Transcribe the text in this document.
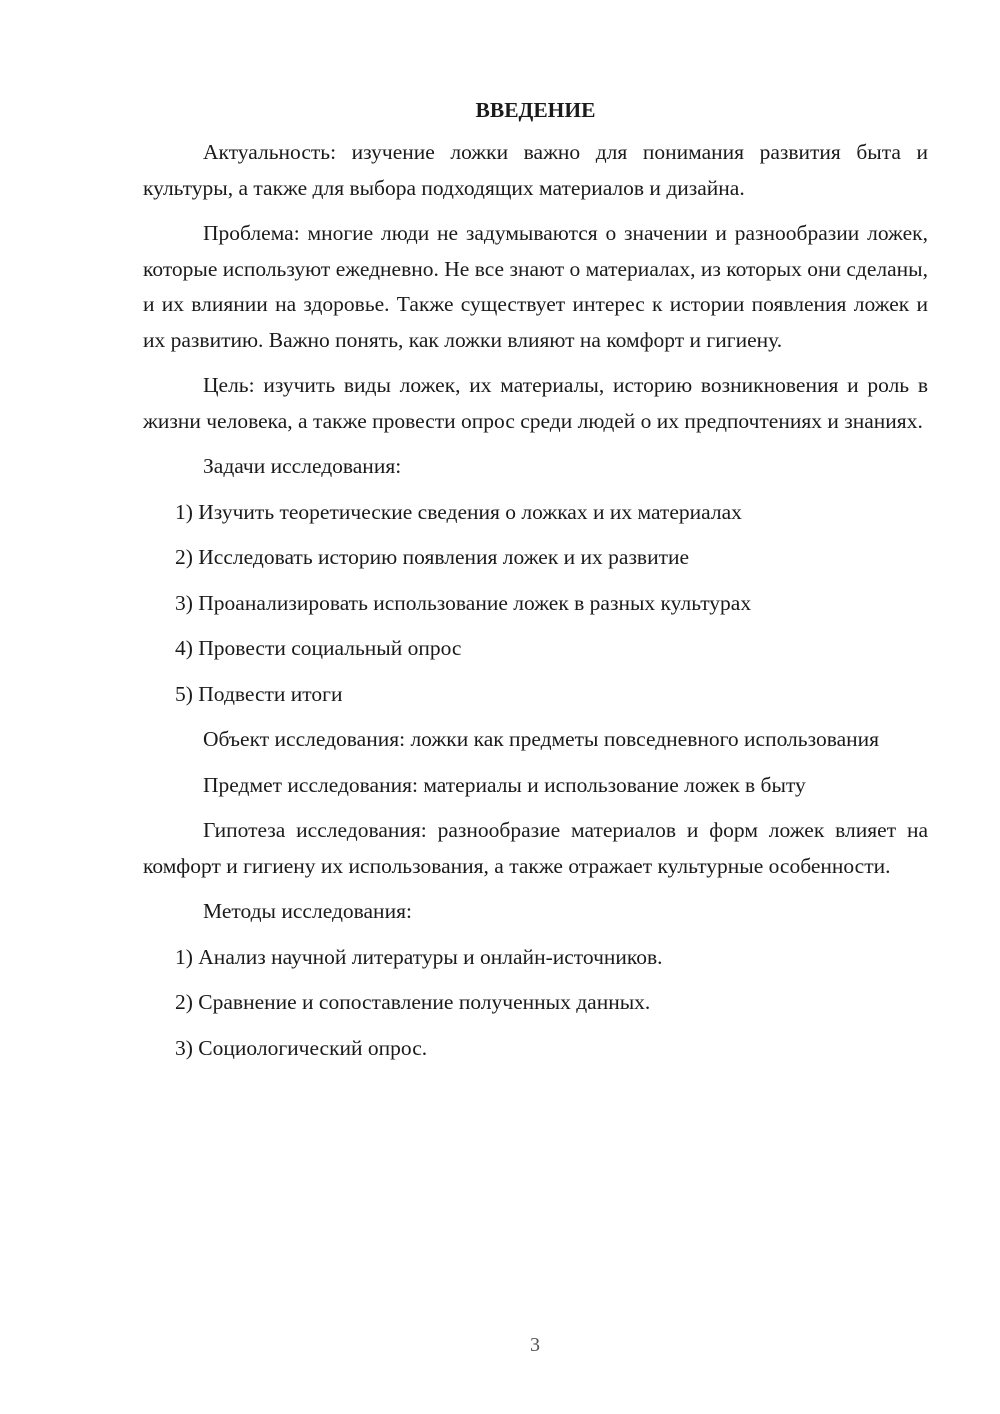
ВВЕДЕНИЕ

Актуальность: изучение ложки важно для понимания развития быта и культуры, а также для выбора подходящих материалов и дизайна.

Проблема: многие люди не задумываются о значении и разнообразии ложек, которые используют ежедневно. Не все знают о материалах, из которых они сделаны, и их влиянии на здоровье. Также существует интерес к истории появления ложек и их развитию. Важно понять, как ложки влияют на комфорт и гигиену.

Цель: изучить виды ложек, их материалы, историю возникновения и роль в жизни человека, а также провести опрос среди людей о их предпочтениях и знаниях.

Задачи исследования:

1) Изучить теоретические сведения о ложках и их материалах
2) Исследовать историю появления ложек и их развитие
3) Проанализировать использование ложек в разных культурах
4) Провести социальный опрос
5) Подвести итоги

Объект исследования: ложки как предметы повседневного использования

Предмет исследования: материалы и использование ложек в быту

Гипотеза исследования: разнообразие материалов и форм ложек влияет на комфорт и гигиену их использования, а также отражает культурные особенности.

Методы исследования:

1) Анализ научной литературы и онлайн-источников.
2) Сравнение и сопоставление полученных данных.
3) Социологический опрос.
3
